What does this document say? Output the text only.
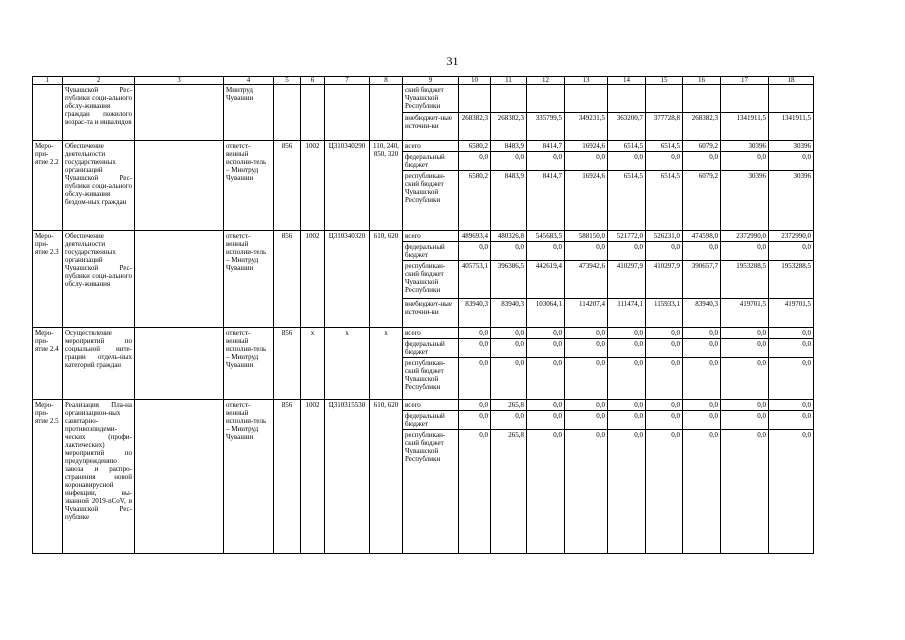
31
1	2	3	4	5	6	7	8	9	10	11	12	13	14	15	16	17	18
	Чувашской Рес-публики соци-ального обслу-живания граждан пожилого возрас-та и инвалидов		Минтруд Чувашии					ский бюджет Чувашской Республики									
								внебюджет-ные источни-ки	268382,3	268382,3	335799,5	349231,5	363200,7	377728,8	268382,3	1341911,5	1341911,5
Меро-при-ятие 2.2	Обеспечение деятельности государственных организаций Чувашской Рес-публики соци-ального обслу-живания бездом-ных граждан		ответст-венный исполни-тель – Минтруд Чувашии	856	1002	Ц310340290	110, 240, 850, 320	всего	6580,2	8483,9	8414,7	16924,6	6514,5	6514,5	6079,2	30396	30396
								федеральный бюджет	0,0	0,0	0,0	0,0	0,0	0,0	0,0	0,0	0,0
								республикан-ский бюджет Чувашской Республики	6580,2	8483,9	8414,7	16924,6	6514,5	6514,5	6079,2	30396	30396
Меро-при-ятие 2.3	Обеспечение деятельности государственных организаций Чувашской Рес-публики соци-ального обслу-живания		ответст-венный исполни-тель – Минтруд Чувашии	856	1002	Ц310340320	610, 620	всего	489693,4	480326,8	545683,5	588150,0	521772,0	526231,0	474598,0	2372990,0	2372990,0
								федеральный бюджет	0,0	0,0	0,0	0,0	0,0	0,0	0,0	0,0	0,0
								республикан-ский бюджет Чувашской Республики	405753,1	396386,5	442619,4	473942,6	410297,9	410297,9	390657,7	1953288,5	1953288,5
								внебюджет-ные источни-ки	83940,3	83940,3	103064,1	114207,4	111474,1	115933,1	83940,3	419701,5	419701,5
Меро-при-ятие 2.4	Осуществление мероприятий по социальной инте-грации отдель-ных категорий граждан		ответст-венный исполни-тель – Минтруд Чувашии	856	x	x	x	всего	0,0	0,0	0,0	0,0	0,0	0,0	0,0	0,0	0,0
								федеральный бюджет	0,0	0,0	0,0	0,0	0,0	0,0	0,0	0,0	0,0
								республикан-ский бюджет Чувашской Республики	0,0	0,0	0,0	0,0	0,0	0,0	0,0	0,0	0,0
Меро-при-ятие 2.5	Реализация Пла-на организацион-ных санитарно-противоэпидеми-ческих (профи-лактических) мероприятий по предупреждению завоза и распро-странения новой коронавирусной инфекции, вы-званной 2019-nCoV, в Чувашской Рес-публике		ответст-венный исполни-тель – Минтруд Чувашии	856	1002	Ц310315530	610, 620	всего	0,0	265,8	0,0	0,0	0,0	0,0	0,0	0,0	0,0
								федеральный бюджет	0,0	0,0	0,0	0,0	0,0	0,0	0,0	0,0	0,0
								республикан-ский бюджет Чувашской Республики	0,0	265,8	0,0	0,0	0,0	0,0	0,0	0,0	0,0
